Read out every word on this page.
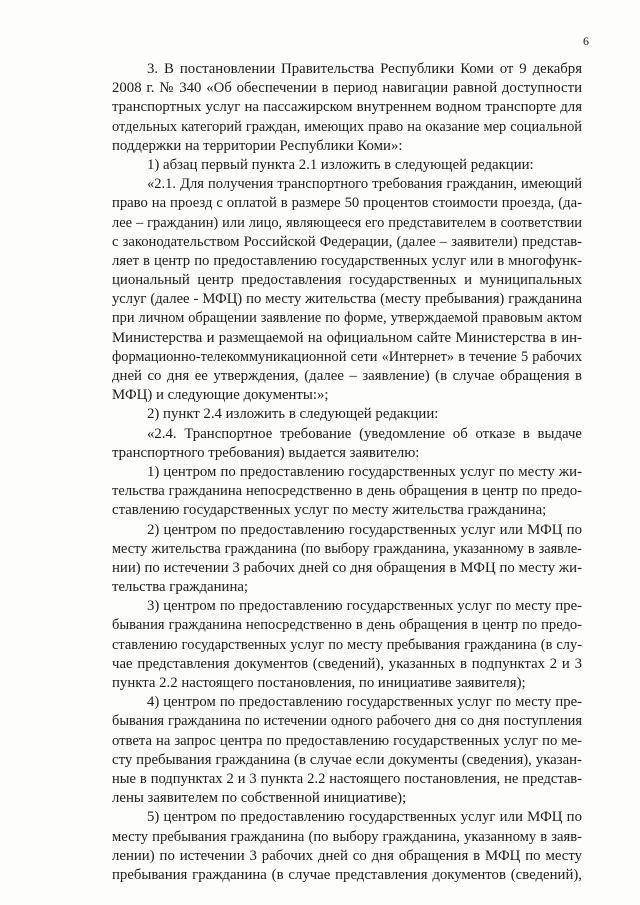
6
3. В постановлении Правительства Республики Коми от 9 декабря
2008 г. № 340 «Об обеспечении в период навигации равной доступности
транспортных услуг на пассажирском внутреннем водном транспорте для
отдельных категорий граждан, имеющих право на оказание мер социальной
поддержки на территории Республики Коми»:
1) абзац первый пункта 2.1 изложить в следующей редакции:
«2.1. Для получения транспортного требования гражданин, имеющий
право на проезд с оплатой в размере 50 процентов стоимости проезда, (да-
лее – гражданин) или лицо, являющееся его представителем в соответствии
с законодательством Российской Федерации, (далее – заявители) представ-
ляет в центр по предоставлению государственных услуг или в многофунк-
циональный центр предоставления государственных и муниципальных
услуг (далее - МФЦ) по месту жительства (месту пребывания) гражданина
при личном обращении заявление по форме, утверждаемой правовым актом
Министерства и размещаемой на официальном сайте Министерства в ин-
формационно-телекоммуникационной сети «Интернет» в течение 5 рабочих
дней со дня ее утверждения, (далее – заявление) (в случае обращения в
МФЦ) и следующие документы:»;
2) пункт 2.4 изложить в следующей редакции:
«2.4. Транспортное требование (уведомление об отказе в выдаче
транспортного требования) выдается заявителю:
1) центром по предоставлению государственных услуг по месту жи-
тельства гражданина непосредственно в день обращения в центр по предо-
ставлению государственных услуг по месту жительства гражданина;
2) центром по предоставлению государственных услуг или МФЦ по
месту жительства гражданина (по выбору гражданина, указанному в заявле-
нии) по истечении 3 рабочих дней со дня обращения в МФЦ по месту жи-
тельства гражданина;
3) центром по предоставлению государственных услуг по месту пре-
бывания гражданина непосредственно в день обращения в центр по предо-
ставлению государственных услуг по месту пребывания гражданина (в слу-
чае представления документов (сведений), указанных в подпунктах 2 и 3
пункта 2.2 настоящего постановления, по инициативе заявителя);
4) центром по предоставлению государственных услуг по месту пре-
бывания гражданина по истечении одного рабочего дня со дня поступления
ответа на запрос центра по предоставлению государственных услуг по ме-
сту пребывания гражданина (в случае если документы (сведения), указан-
ные в подпунктах 2 и 3 пункта 2.2 настоящего постановления, не представ-
лены заявителем по собственной инициативе);
5) центром по предоставлению государственных услуг или МФЦ по
месту пребывания гражданина (по выбору гражданина, указанному в заяв-
лении) по истечении 3 рабочих дней со дня обращения в МФЦ по месту
пребывания гражданина (в случае представления документов (сведений),
